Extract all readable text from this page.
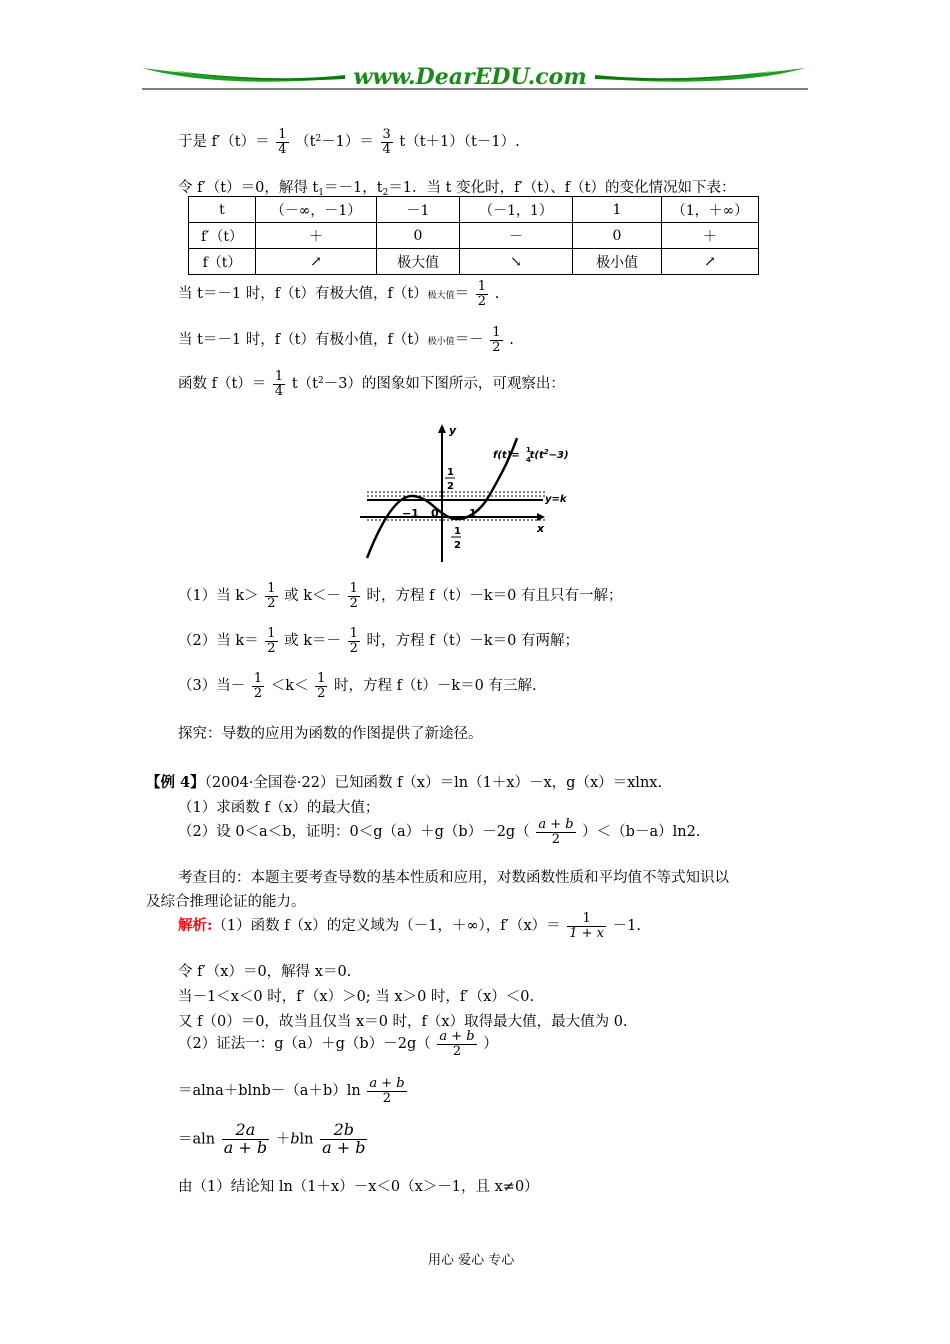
www.DearEDU.com
于是 $f'(t)= \frac{1}{4} (t^2-1)= \frac{3}{4} t(t+1)(t-1)$.
令 f′（t）＝0，解得 $t_1=-1$，$t_2=1$．当 t 变化时，f′（t）、f（t）的变化情况如下表：
t	（－∞，－1）	－1	（－1，1）	1	（1，＋∞）
f′（t）	＋	0	－	0	＋
f（t）	↗	极大值	↘	极小值	↗
当 t＝－1 时，f（t）有极大值，f（t）极大值＝ $\frac{1}{2}$ .
当 t＝－1 时，f（t）有极小值，f（t）极小值＝－ $\frac{1}{2}$ .
函数 $f(t)= \frac{1}{4} t(t^2-3)$的图象如下图所示，可观察出：
y
x
y=k
−1 0	1
1
2
1
2
$f(t)= t(t^2-3)$
1
4
（1）当 $k> \frac{1}{2}$ 或 $k<- \frac{1}{2}$ 时，方程 f（t）－k＝0 有且只有一解；
（2）当 $k= \frac{1}{2}$ 或 $k=- \frac{1}{2}$ 时，方程 f（t）－k＝0 有两解；
（3）当－ $\frac{1}{2} <k< \frac{1}{2}$ 时，方程 f（t）－k＝0 有三解.
探究：导数的应用为函数的作图提供了新途径。
【例 4】（2004·全国卷·22）已知函数 f（x）＝ln（1＋x）－x，g（x）＝xlnx.
（1）求函数 f（x）的最大值；
（2）设 0＜a＜b，证明：$0<g(a)+g(b)-2g( \frac{a + b}{2} )<(b-a)\ln 2$.
考查目的：本题主要考查导数的基本性质和应用，对数函数性质和平均值不等式知识以
及综合推理论证的能力。
解析:（1）函数 f（x）的定义域为（－1，＋∞），$f'(x)= \frac{1}{1 + x} -1$.
令 f′（x）＝0，解得 x＝0.
当－1＜x＜0 时，f′（x）＞0; 当 x＞0 时，f′（x）＜0.
又 f（0）＝0，故当且仅当 x＝0 时，f（x）取得最大值，最大值为 0.
（2）证法一：$g(a)+g(b)-2g( \frac{a + b}{2}$ ）
$=alna+blnb-(a+b)\ln \frac{a + b}{2}$
$=aln \frac{2a}{a + b} +bln \frac{2b}{a + b}$
由（1）结论知 ln（1＋x）－x＜0（x＞－1，且 x≠0）
用心 爱心 专心
